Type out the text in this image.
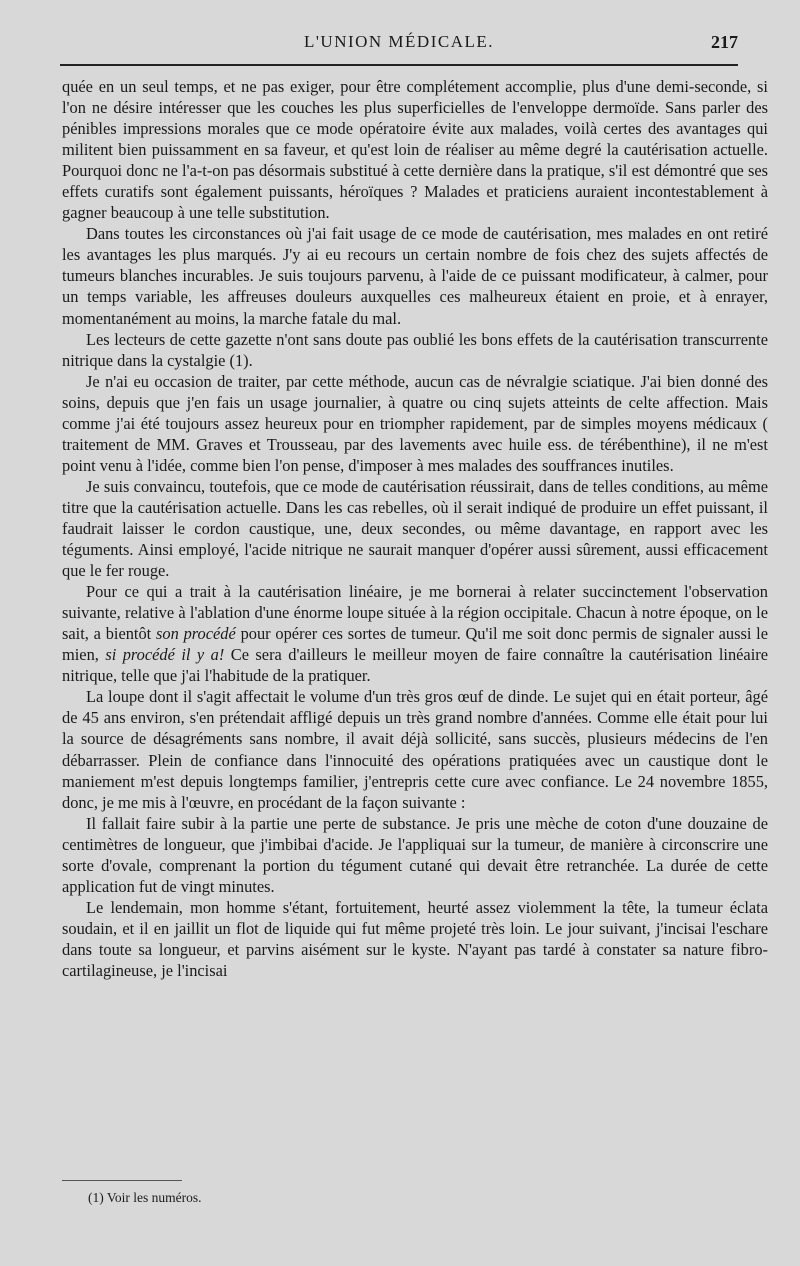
L'UNION MÉDICALE.	217

quée en un seul temps, et ne pas exiger, pour être complétement accomplie, plus d'une demi-seconde, si l'on ne désire intéresser que les couches les plus superficielles de l'enveloppe dermoïde. Sans parler des pénibles impressions morales que ce mode opératoire évite aux malades, voilà certes des avantages qui militent bien puissamment en sa faveur, et qu'est loin de réaliser au même degré la cautérisation actuelle. Pourquoi donc ne l'a-t-on pas désormais substitué à cette dernière dans la pratique, s'il est démontré que ses effets curatifs sont également puissants, héroïques ? Malades et praticiens auraient incontestablement à gagner beaucoup à une telle substitution.

Dans toutes les circonstances où j'ai fait usage de ce mode de cautérisation, mes malades en ont retiré les avantages les plus marqués. J'y ai eu recours un certain nombre de fois chez des sujets affectés de tumeurs blanches incurables. Je suis toujours parvenu, à l'aide de ce puissant modificateur, à calmer, pour un temps variable, les affreuses douleurs auxquelles ces malheureux étaient en proie, et à enrayer, momentanément au moins, la marche fatale du mal.

Les lecteurs de cette gazette n'ont sans doute pas oublié les bons effets de la cautérisation transcurrente nitrique dans la cystalgie (1).

Je n'ai eu occasion de traiter, par cette méthode, aucun cas de névralgie sciatique. J'ai bien donné des soins, depuis que j'en fais un usage journalier, à quatre ou cinq sujets atteints de celte affection. Mais comme j'ai été toujours assez heureux pour en triompher rapidement, par de simples moyens médicaux ( traitement de MM. Graves et Trousseau, par des lavements avec huile ess. de térébenthine), il ne m'est point venu à l'idée, comme bien l'on pense, d'imposer à mes malades des souffrances inutiles.

Je suis convaincu, toutefois, que ce mode de cautérisation réussirait, dans de telles conditions, au même titre que la cautérisation actuelle. Dans les cas rebelles, où il serait indiqué de produire un effet puissant, il faudrait laisser le cordon caustique, une, deux secondes, ou même davantage, en rapport avec les téguments. Ainsi employé, l'acide nitrique ne saurait manquer d'opérer aussi sûrement, aussi efficacement que le fer rouge.

Pour ce qui a trait à la cautérisation linéaire, je me bornerai à relater succinctement l'observation suivante, relative à l'ablation d'une énorme loupe située à la région occipitale. Chacun à notre époque, on le sait, a bientôt son procédé pour opérer ces sortes de tumeur. Qu'il me soit donc permis de signaler aussi le mien, si procédé il y a! Ce sera d'ailleurs le meilleur moyen de faire connaître la cautérisation linéaire nitrique, telle que j'ai l'habitude de la pratiquer.

La loupe dont il s'agit affectait le volume d'un très gros œuf de dinde. Le sujet qui en était porteur, âgé de 45 ans environ, s'en prétendait affligé depuis un très grand nombre d'années. Comme elle était pour lui la source de désagréments sans nombre, il avait déjà sollicité, sans succès, plusieurs médecins de l'en débarrasser. Plein de confiance dans l'innocuité des opérations pratiquées avec un caustique dont le maniement m'est depuis longtemps familier, j'entrepris cette cure avec confiance. Le 24 novembre 1855, donc, je me mis à l'œuvre, en procédant de la façon suivante :

Il fallait faire subir à la partie une perte de substance. Je pris une mèche de coton d'une douzaine de centimètres de longueur, que j'imbibai d'acide. Je l'appliquai sur la tumeur, de manière à circonscrire une sorte d'ovale, comprenant la portion du tégument cutané qui devait être retranchée. La durée de cette application fut de vingt minutes.

Le lendemain, mon homme s'étant, fortuitement, heurté assez violemment la tête, la tumeur éclata soudain, et il en jaillit un flot de liquide qui fut même projeté très loin. Le jour suivant, j'incisai l'eschare dans toute sa longueur, et parvins aisément sur le kyste. N'ayant pas tardé à constater sa nature fibro-cartilagineuse, je l'incisai

(1) Voir les numéros.
